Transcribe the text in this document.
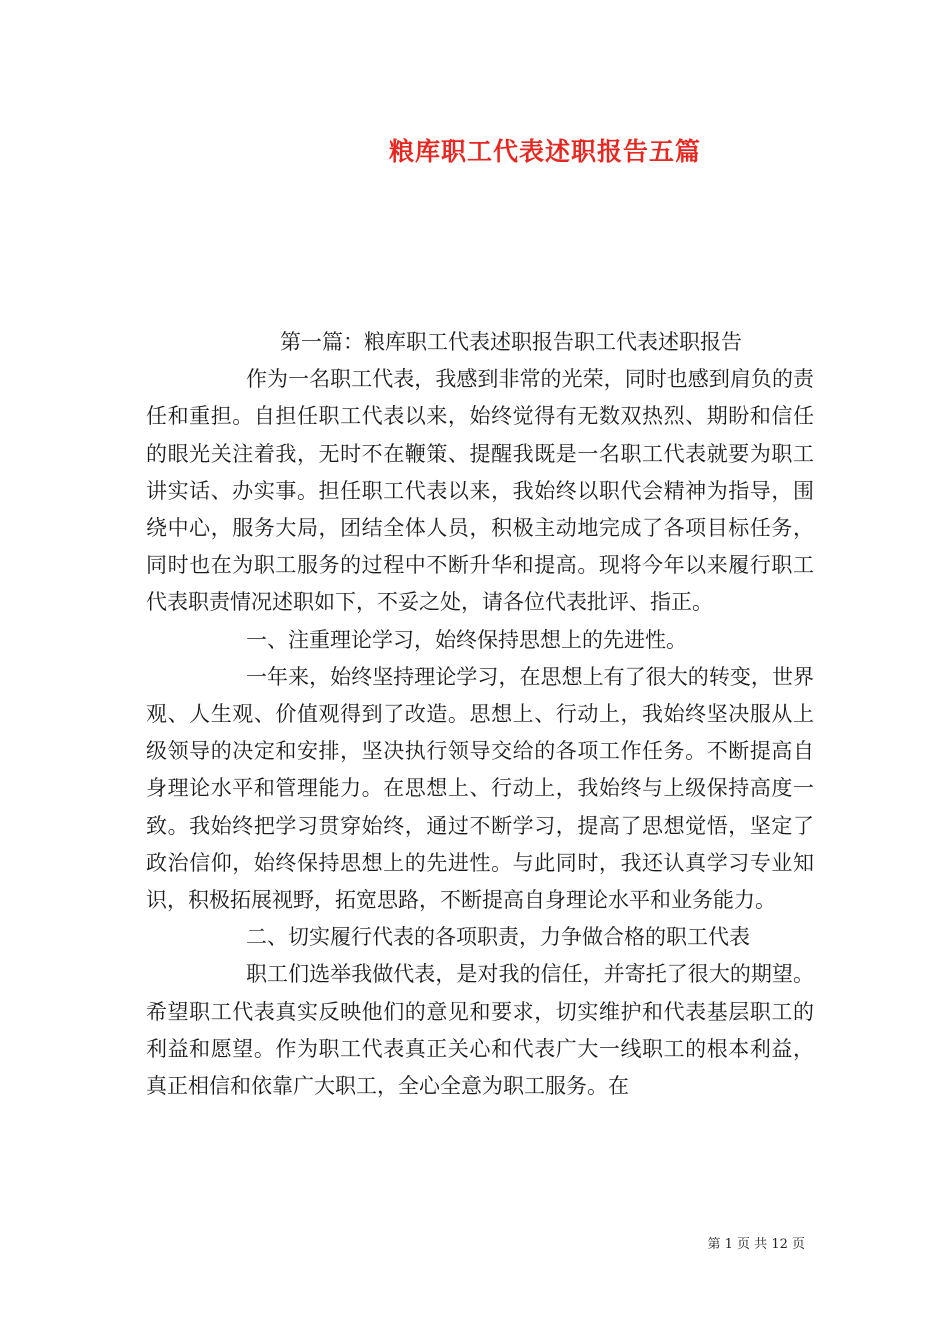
粮库职工代表述职报告五篇

第一篇：粮库职工代表述职报告职工代表述职报告

作为一名职工代表，我感到非常的光荣，同时也感到肩负的责任和重担。自担任职工代表以来，始终觉得有无数双热烈、期盼和信任的眼光关注着我，无时不在鞭策、提醒我既是一名职工代表就要为职工讲实话、办实事。担任职工代表以来，我始终以职代会精神为指导，围绕中心，服务大局，团结全体人员，积极主动地完成了各项目标任务，同时也在为职工服务的过程中不断升华和提高。现将今年以来履行职工代表职责情况述职如下，不妥之处，请各位代表批评、指正。

一、注重理论学习，始终保持思想上的先进性。

一年来，始终坚持理论学习，在思想上有了很大的转变，世界观、人生观、价值观得到了改造。思想上、行动上，我始终坚决服从上级领导的决定和安排，坚决执行领导交给的各项工作任务。不断提高自身理论水平和管理能力。在思想上、行动上，我始终与上级保持高度一致。我始终把学习贯穿始终，通过不断学习，提高了思想觉悟，坚定了政治信仰，始终保持思想上的先进性。与此同时，我还认真学习专业知识，积极拓展视野，拓宽思路，不断提高自身理论水平和业务能力。

二、切实履行代表的各项职责，力争做合格的职工代表

职工们选举我做代表，是对我的信任，并寄托了很大的期望。希望职工代表真实反映他们的意见和要求，切实维护和代表基层职工的利益和愿望。作为职工代表真正关心和代表广大一线职工的根本利益，真正相信和依靠广大职工，全心全意为职工服务。在

第 1 页 共 12 页
